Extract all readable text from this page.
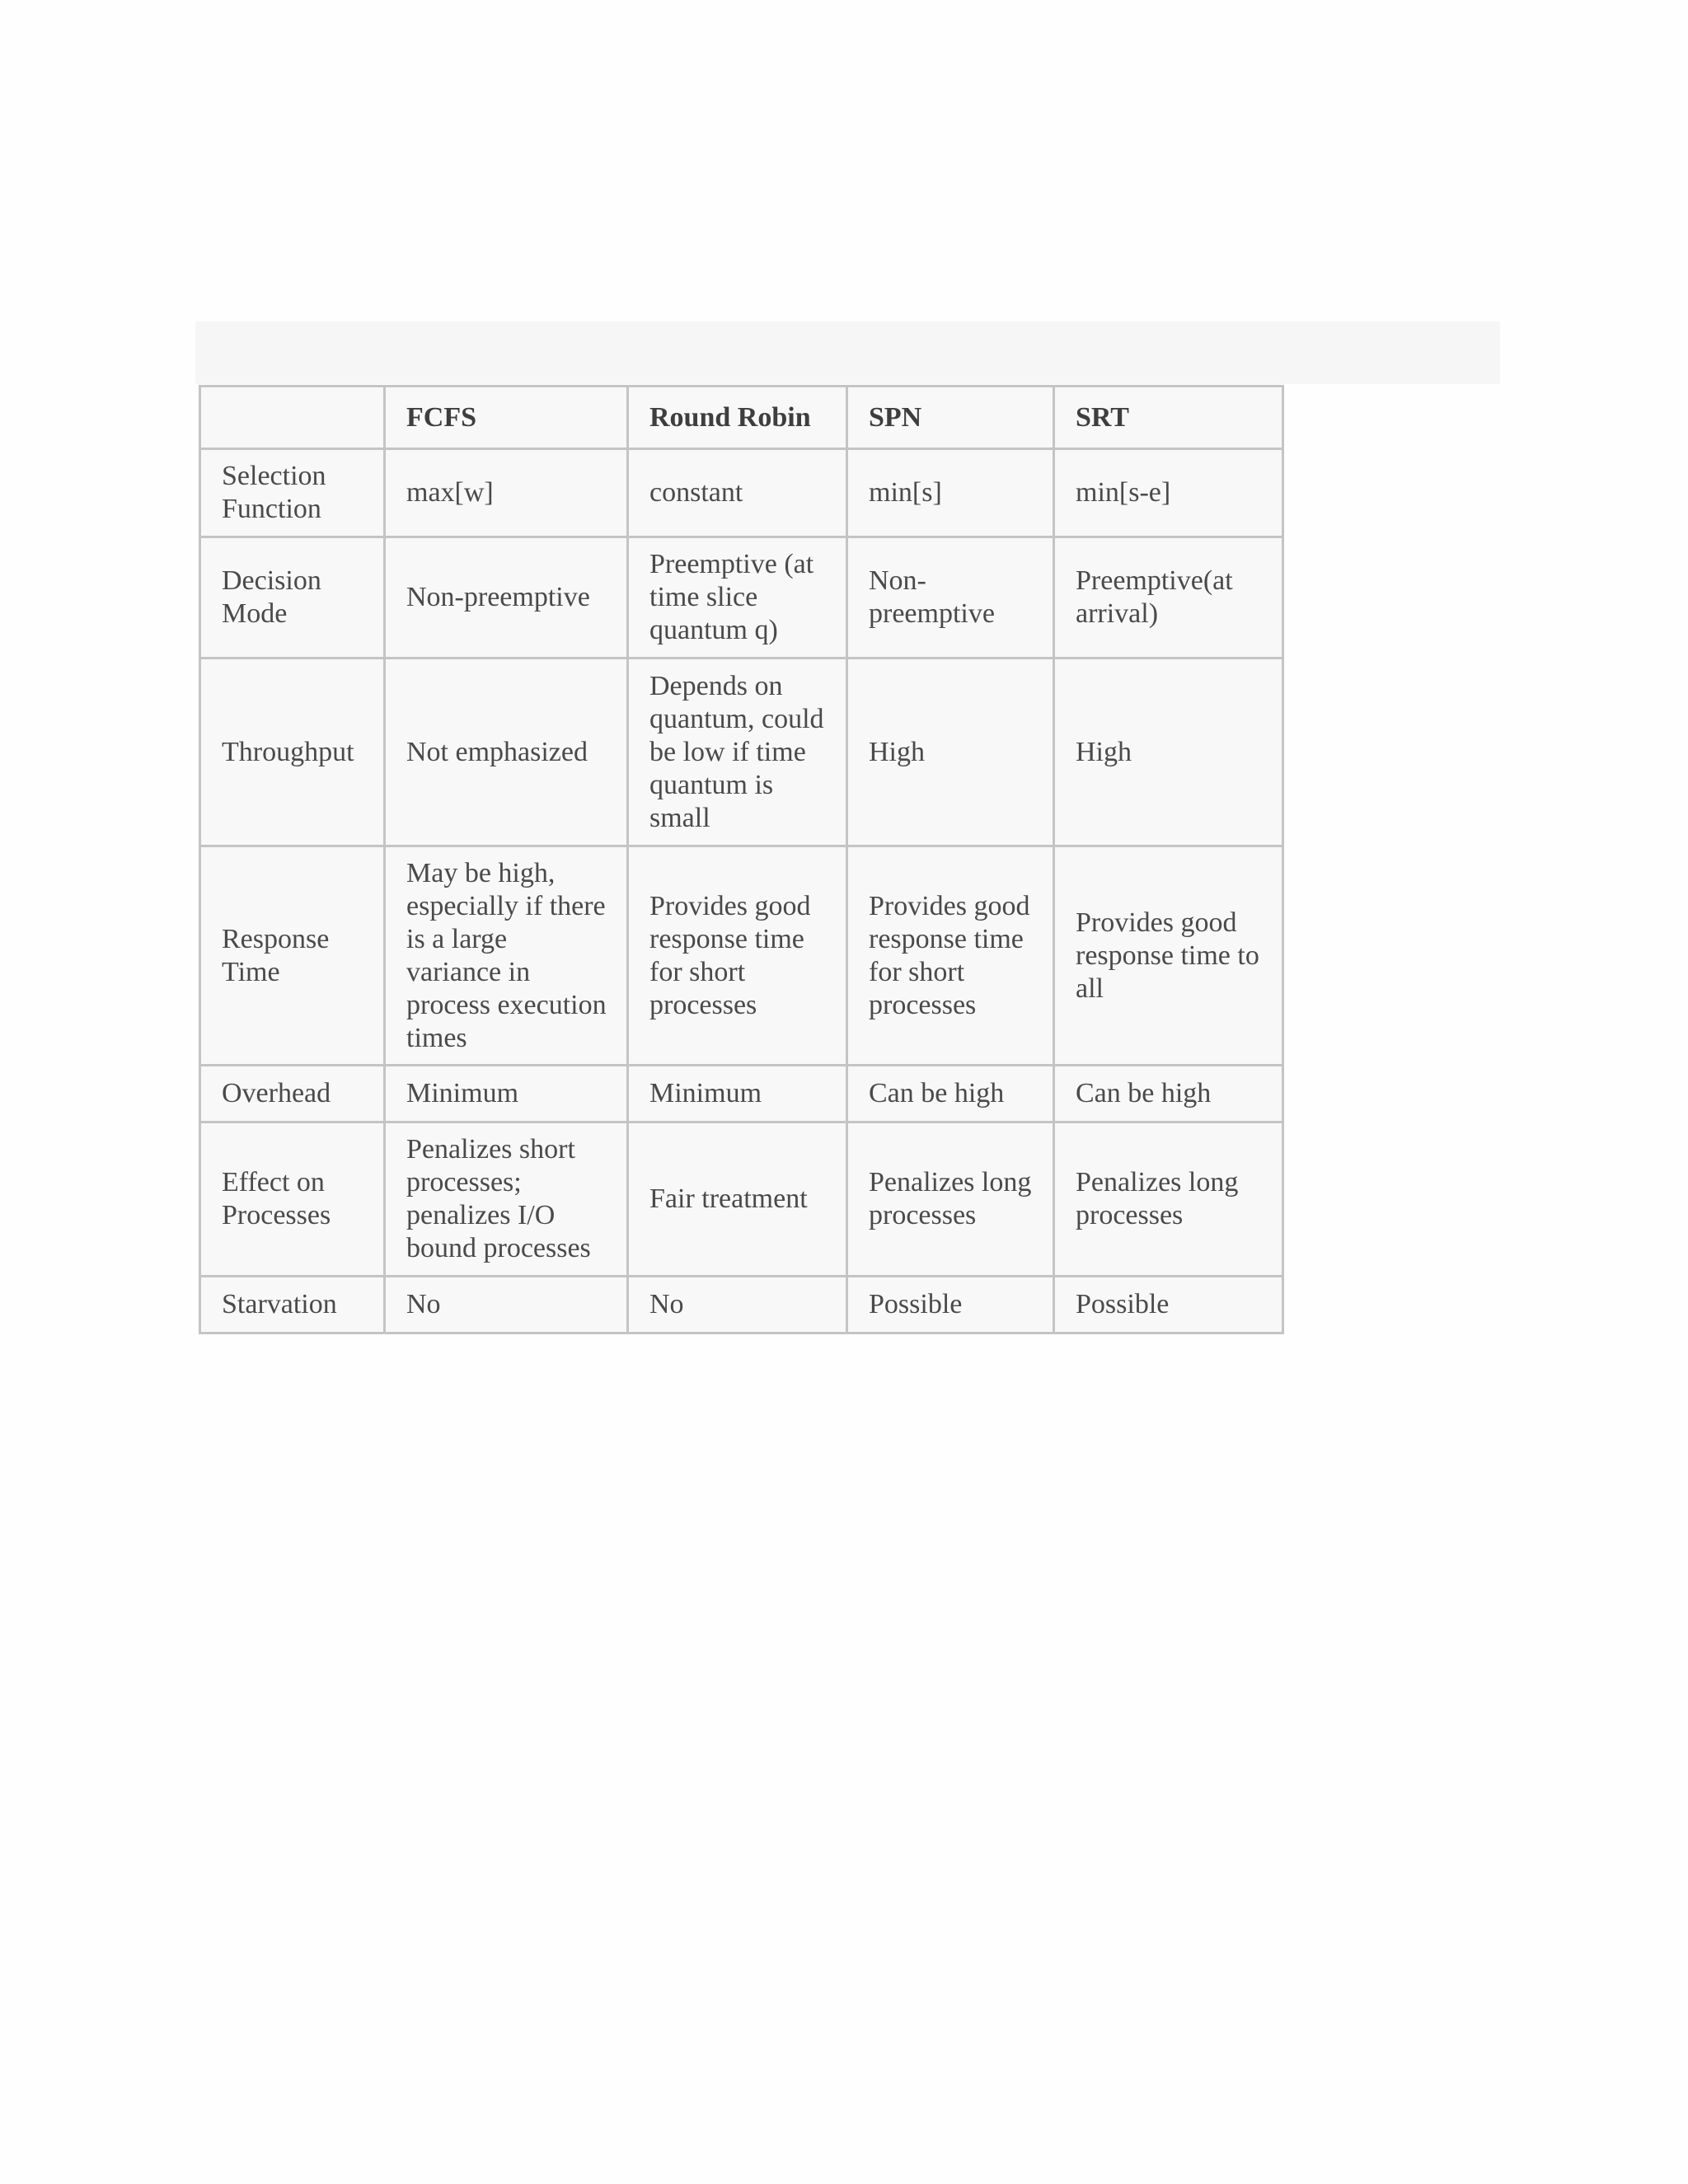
	FCFS	Round Robin	SPN	SRT
Selection Function	max[w]	constant	min[s]	min[s-e]
Decision Mode	Non-preemptive	Preemptive (at time slice quantum q)	Non-preemptive	Preemptive(at arrival)
Throughput	Not emphasized	Depends on quantum, could be low if time quantum is small	High	High
Response Time	May be high, especially if there is a large variance in process execution times	Provides good response time for short processes	Provides good response time for short processes	Provides good response time to all
Overhead	Minimum	Minimum	Can be high	Can be high
Effect on Processes	Penalizes short processes; penalizes I/O bound processes	Fair treatment	Penalizes long processes	Penalizes long processes
Starvation	No	No	Possible	Possible
